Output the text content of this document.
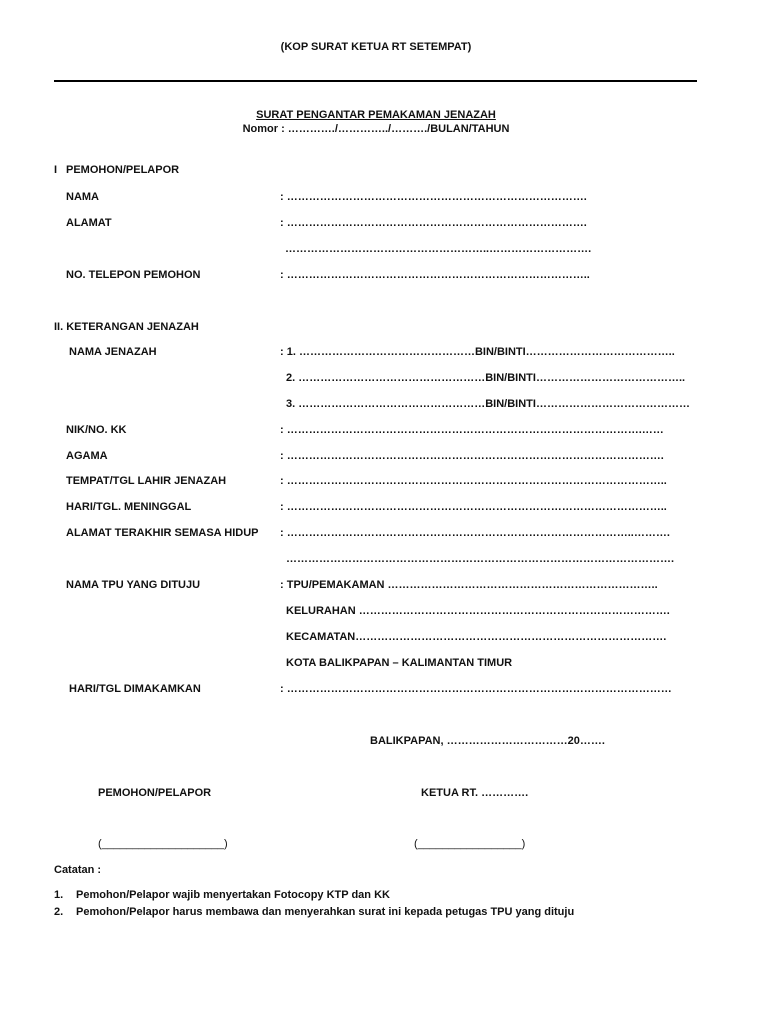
(KOP SURAT KETUA RT SETEMPAT)
SURAT PENGANTAR PEMAKAMAN JENAZAH
Nomor : …………./…………../………./BULAN/TAHUN
I PEMOHON/PELAPOR
NAMA	: ……………………………………………………………………….
ALAMAT	: ……………………………………………………………………….
………………………………………………..……………………….
NO. TELEPON PEMOHON	: ………………………………………………………………………..
II. KETERANGAN JENAZAH
NAMA JENAZAH	: 1. …………………………………………BIN/BINTI…………………………………..
2. ……………………………………………BIN/BINTI…………………………………..
3. ……………………………………………BIN/BINTI……………………………………
NIK/NO. KK	: …………………………………………………………………………………….……
AGAMA	: ………………………………………………………………………………………….
TEMPAT/TGL LAHIR JENAZAH	: …………………………………………………………………………………………..
HARI/TGL. MENINGGAL	: …………………………………………………………………………………………..
ALAMAT TERAKHIR SEMASA HIDUP : …………………………………………………………………………………..……….
…………………………………………………………………………………………….
NAMA TPU YANG DITUJU	: TPU/PEMAKAMAN ………………………………………………………………..
KELURAHAN ………………………………………………………………………….
KECAMATAN………………………………………………………………………….
KOTA BALIKPAPAN – KALIMANTAN TIMUR
HARI/TGL DIMAKAMKAN	: ……………………………………………………………………………………………
BALIKPAPAN, ……………………………20…….
PEMOHON/PELAPOR	KETUA RT. ………….
(____________________)	(_________________)
Catatan :
1. Pemohon/Pelapor wajib menyertakan Fotocopy KTP dan KK
2. Pemohon/Pelapor harus membawa dan menyerahkan surat ini kepada petugas TPU yang dituju
